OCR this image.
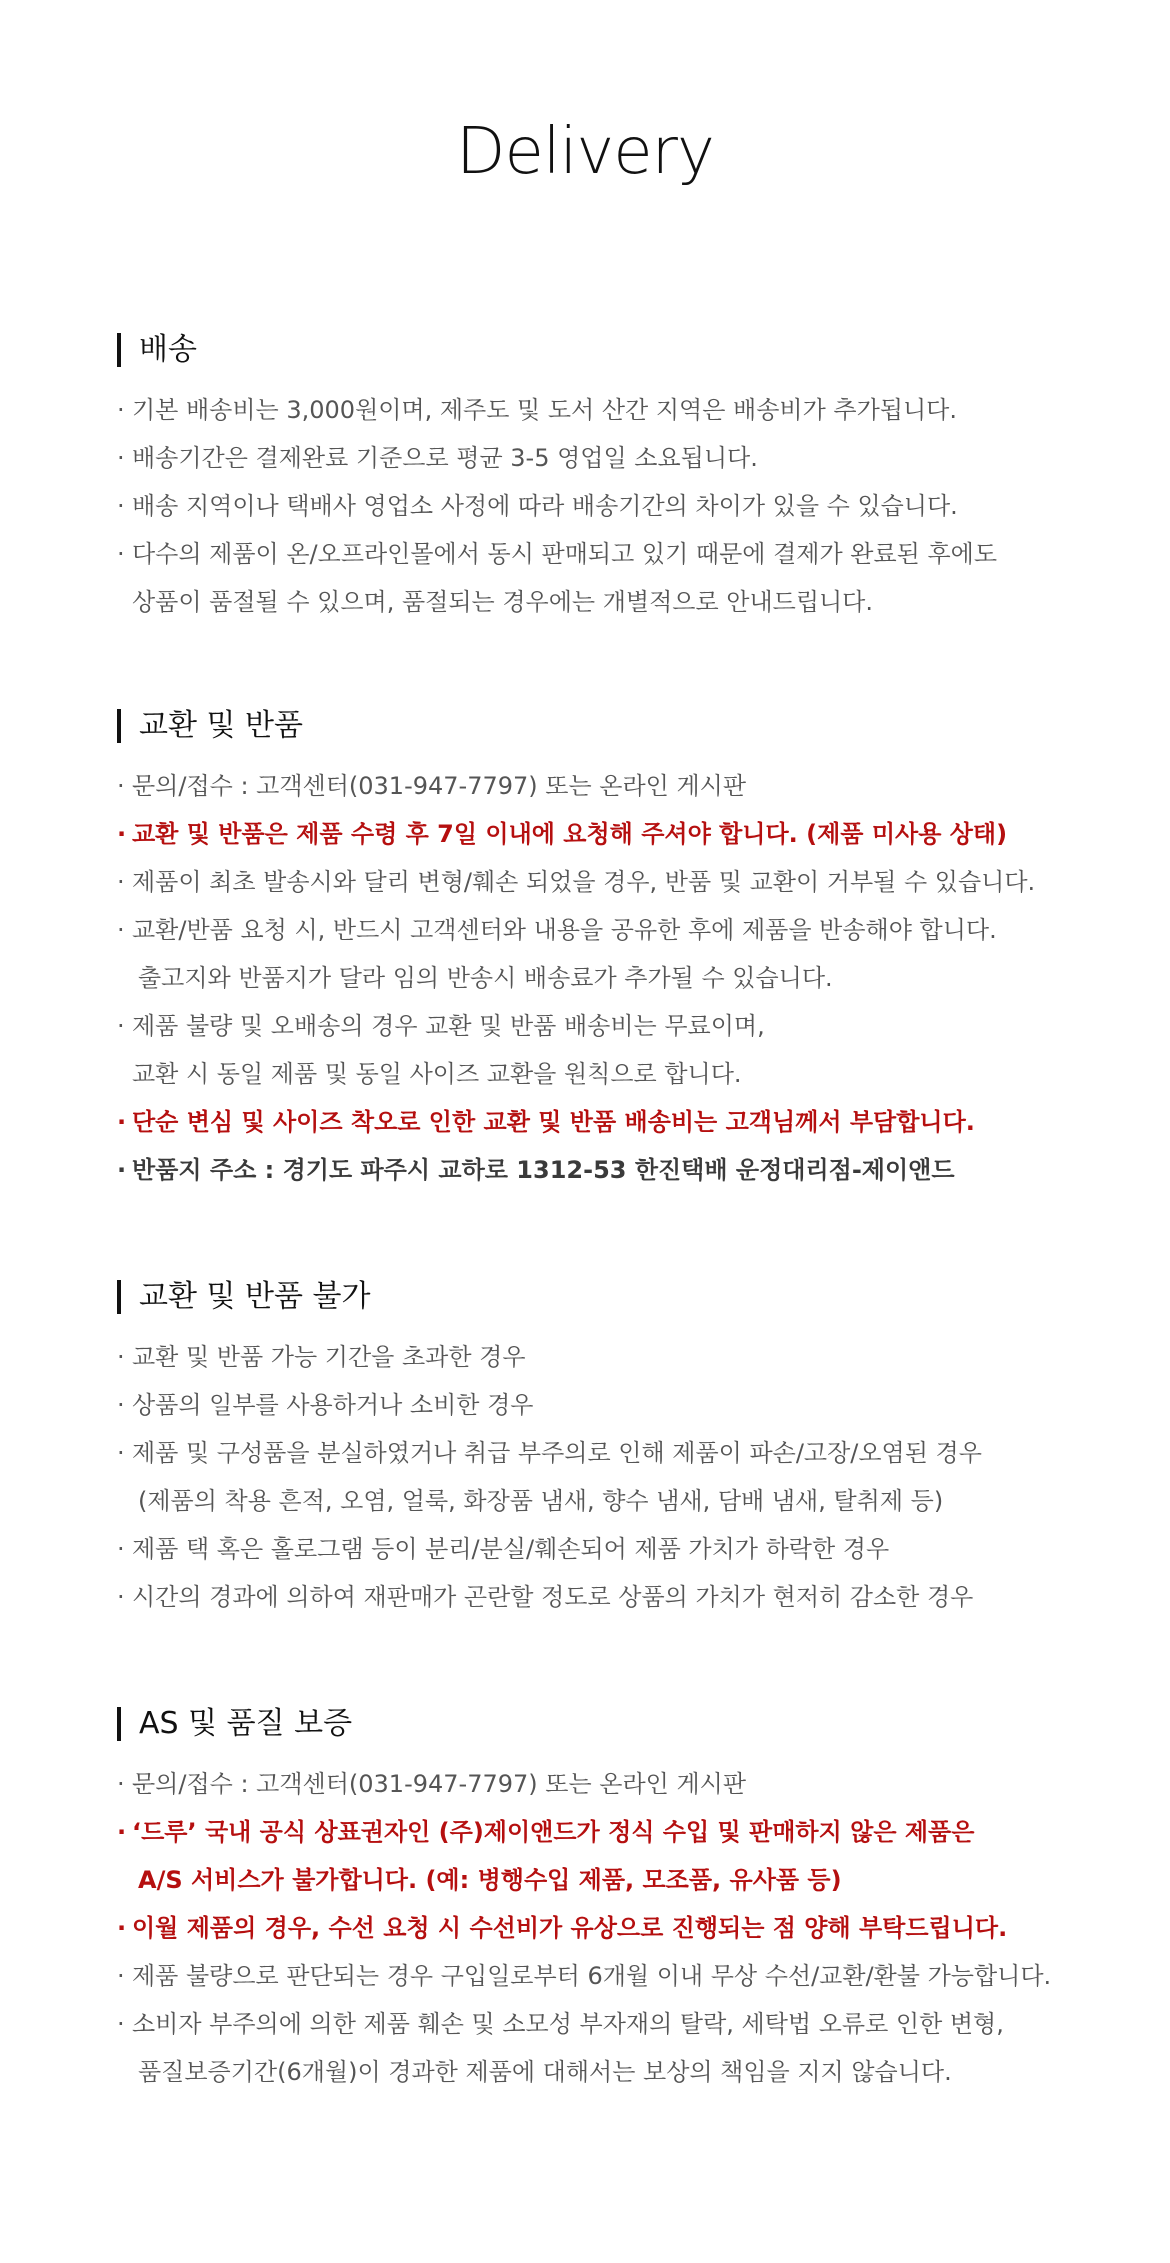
Delivery
배송
· 기본 배송비는 3,000원이며, 제주도 및 도서 산간 지역은 배송비가 추가됩니다.
· 배송기간은 결제완료 기준으로 평균 3-5 영업일 소요됩니다.
· 배송 지역이나 택배사 영업소 사정에 따라 배송기간의 차이가 있을 수 있습니다.
· 다수의 제품이 온/오프라인몰에서 동시 판매되고 있기 때문에 결제가 완료된 후에도
상품이 품절될 수 있으며, 품절되는 경우에는 개별적으로 안내드립니다.
교환 및 반품
· 문의/접수 : 고객센터(031-947-7797) 또는 온라인 게시판
· 교환 및 반품은 제품 수령 후 7일 이내에 요청해 주셔야 합니다. (제품 미사용 상태)
· 제품이 최초 발송시와 달리 변형/훼손 되었을 경우, 반품 및 교환이 거부될 수 있습니다.
· 교환/반품 요청 시, 반드시 고객센터와 내용을 공유한 후에 제품을 반송해야 합니다.
출고지와 반품지가 달라 임의 반송시 배송료가 추가될 수 있습니다.
· 제품 불량 및 오배송의 경우 교환 및 반품 배송비는 무료이며,
교환 시 동일 제품 및 동일 사이즈 교환을 원칙으로 합니다.
· 단순 변심 및 사이즈 착오로 인한 교환 및 반품 배송비는 고객님께서 부담합니다.
· 반품지 주소 : 경기도 파주시 교하로 1312-53 한진택배 운정대리점-제이앤드
교환 및 반품 불가
· 교환 및 반품 가능 기간을 초과한 경우
· 상품의 일부를 사용하거나 소비한 경우
· 제품 및 구성품을 분실하였거나 취급 부주의로 인해 제품이 파손/고장/오염된 경우
(제품의 착용 흔적, 오염, 얼룩, 화장품 냄새, 향수 냄새, 담배 냄새, 탈취제 등)
· 제품 택 혹은 홀로그램 등이 분리/분실/훼손되어 제품 가치가 하락한 경우
· 시간의 경과에 의하여 재판매가 곤란할 정도로 상품의 가치가 현저히 감소한 경우
AS 및 품질 보증
· 문의/접수 : 고객센터(031-947-7797) 또는 온라인 게시판
· ‘드루’ 국내 공식 상표권자인 (주)제이앤드가 정식 수입 및 판매하지 않은 제품은
A/S 서비스가 불가합니다. (예: 병행수입 제품, 모조품, 유사품 등)
· 이월 제품의 경우, 수선 요청 시 수선비가 유상으로 진행되는 점 양해 부탁드립니다.
· 제품 불량으로 판단되는 경우 구입일로부터 6개월 이내 무상 수선/교환/환불 가능합니다.
· 소비자 부주의에 의한 제품 훼손 및 소모성 부자재의 탈락, 세탁법 오류로 인한 변형,
품질보증기간(6개월)이 경과한 제품에 대해서는 보상의 책임을 지지 않습니다.
